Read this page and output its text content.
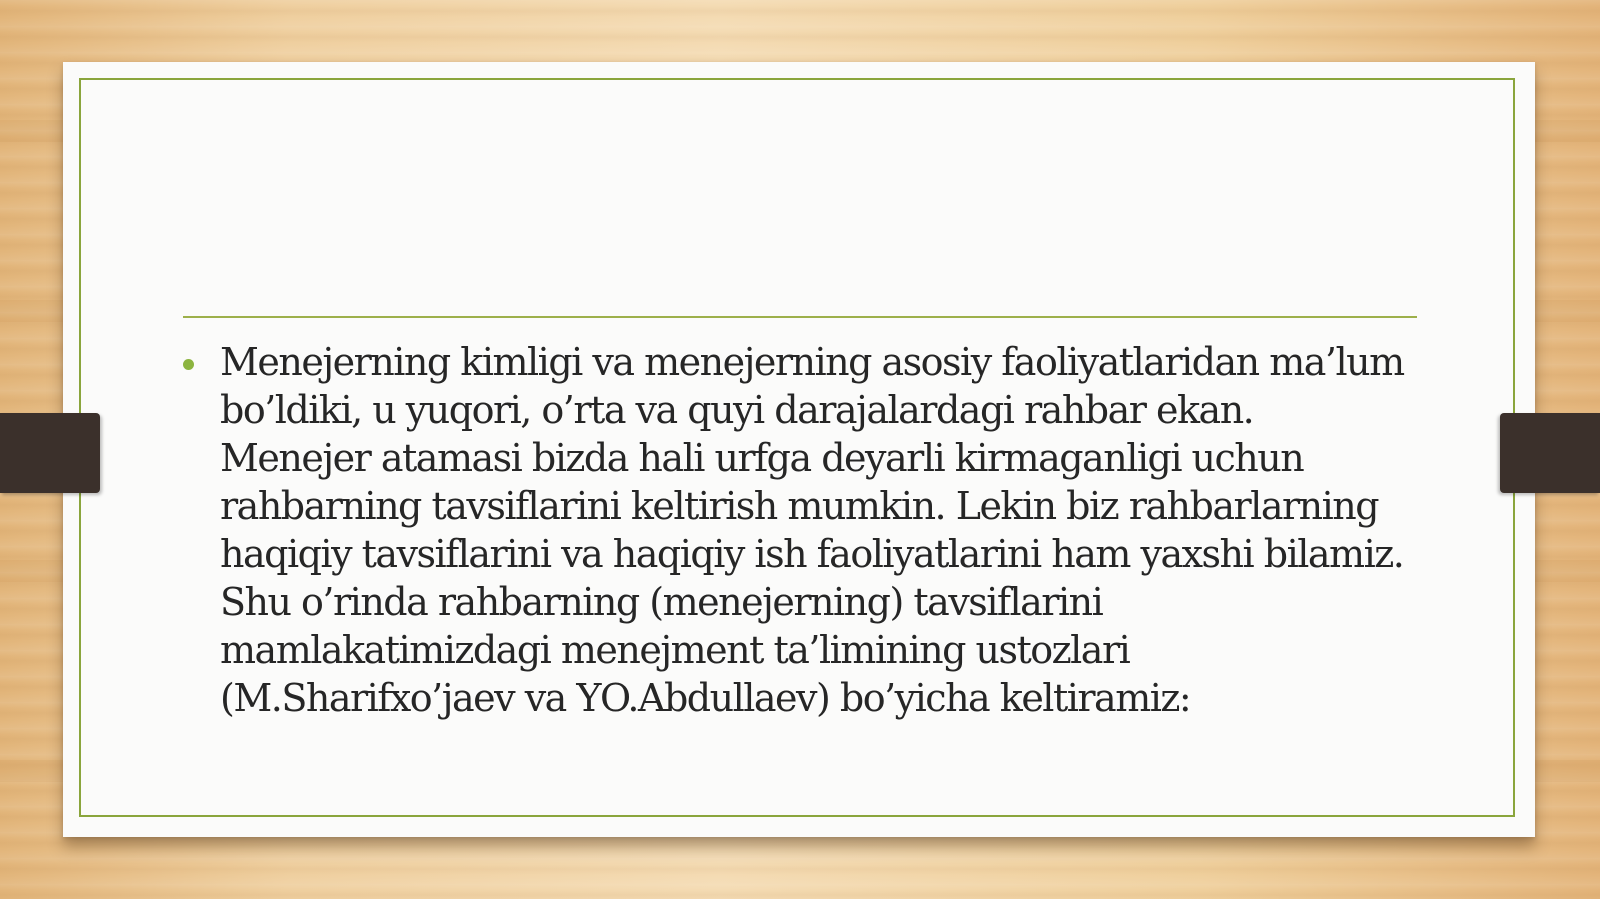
Menejerning kimligi va menejerning asosiy faoliyatlaridan ma’lum bo’ldiki, u yuqori, o’rta va quyi darajalardagi rahbar ekan. Menejer atamasi bizda hali urfga deyarli kirmaganligi uchun rahbarning tavsiflarini keltirish mumkin. Lekin biz rahbarlarning haqiqiy tavsiflarini va haqiqiy ish faoliyatlarini ham yaxshi bilamiz. Shu o’rinda rahbarning (menejerning) tavsiflarini mamlakatimizdagi menejment ta’limining ustozlari (M.Sharifxo’jaev va YO.Abdullaev) bo’yicha keltiramiz:
